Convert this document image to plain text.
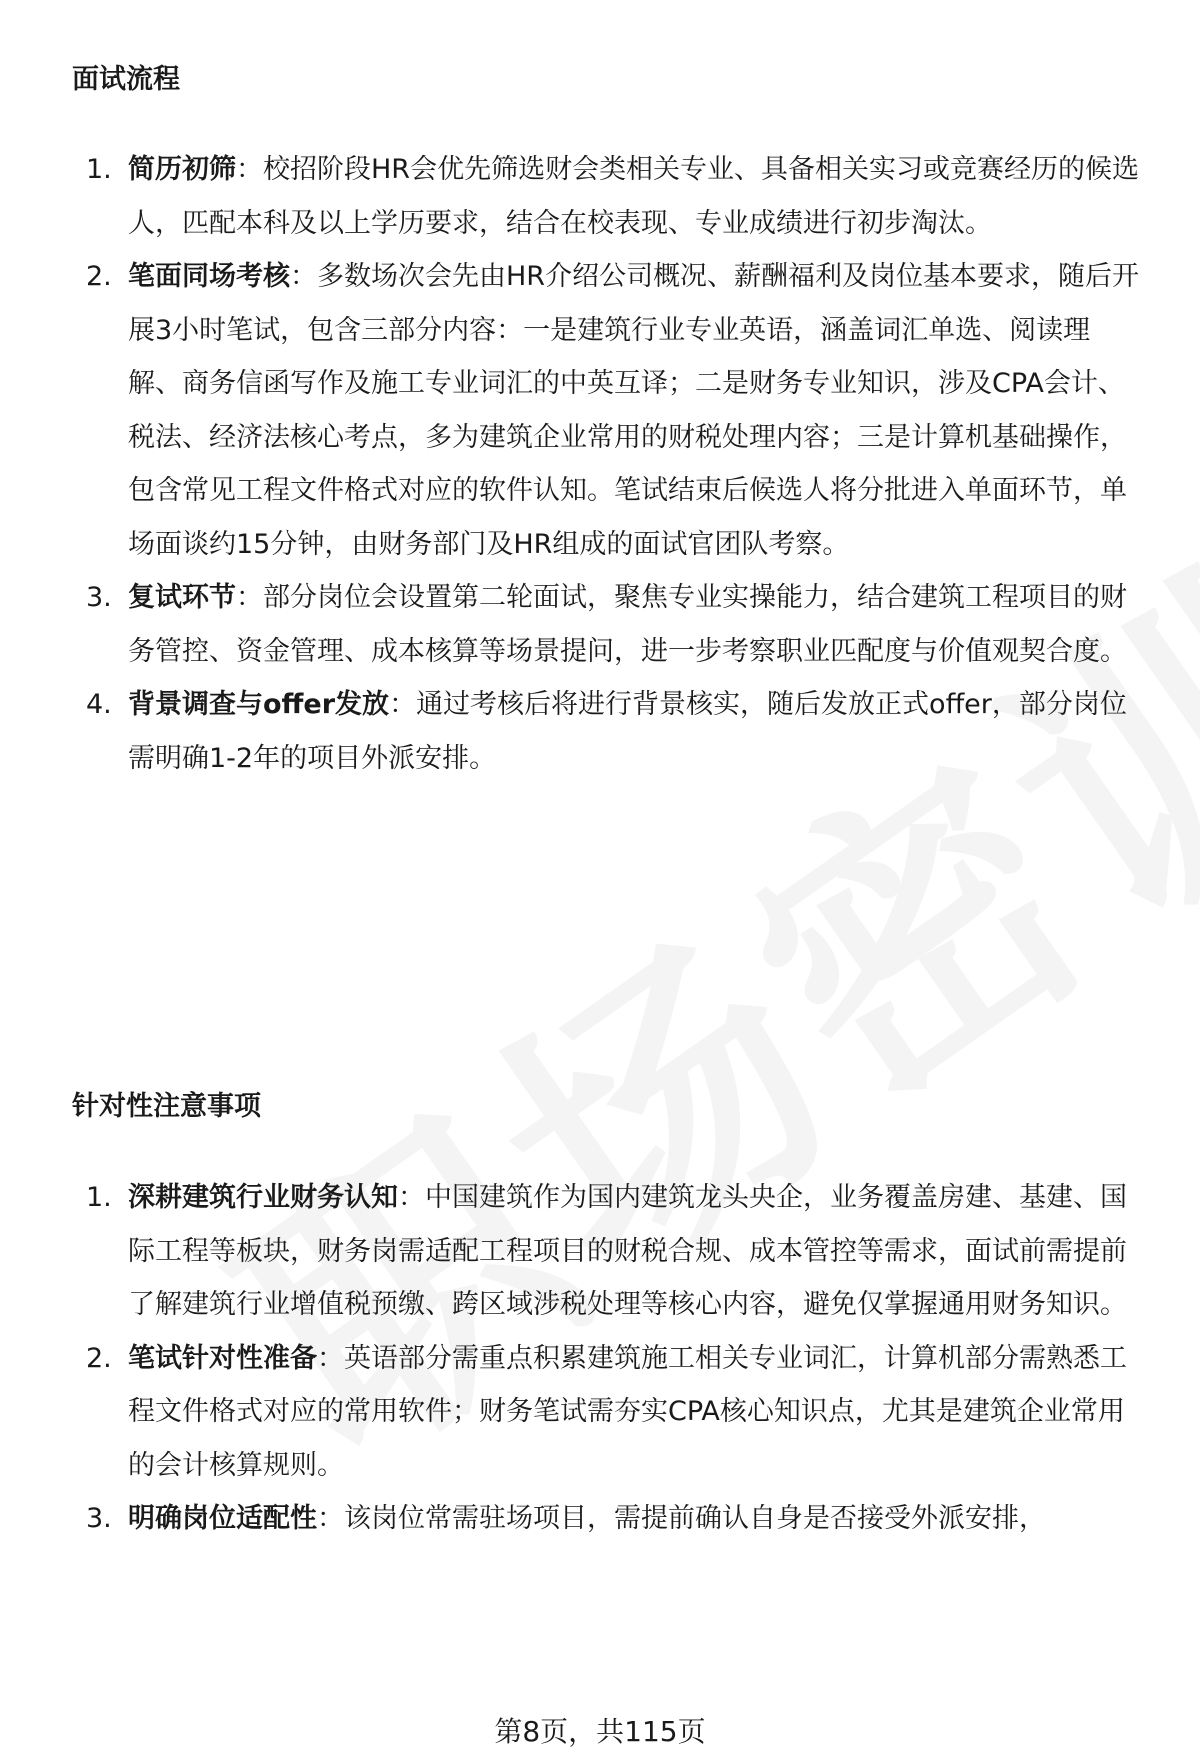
面试流程
1. 简历初筛：校招阶段HR会优先筛选财会类相关专业、具备相关实习或竞赛经历的候选人，匹配本科及以上学历要求，结合在校表现、专业成绩进行初步淘汰。
2. 笔面同场考核：多数场次会先由HR介绍公司概况、薪酬福利及岗位基本要求，随后开展3小时笔试，包含三部分内容：一是建筑行业专业英语，涵盖词汇单选、阅读理解、商务信函写作及施工专业词汇的中英互译；二是财务专业知识，涉及CPA会计、税法、经济法核心考点，多为建筑企业常用的财税处理内容；三是计算机基础操作，包含常见工程文件格式对应的软件认知。笔试结束后候选人将分批进入单面环节，单场面谈约15分钟，由财务部门及HR组成的面试官团队考察。
3. 复试环节：部分岗位会设置第二轮面试，聚焦专业实操能力，结合建筑工程项目的财务管控、资金管理、成本核算等场景提问，进一步考察职业匹配度与价值观契合度。
4. 背景调查与offer发放：通过考核后将进行背景核实，随后发放正式offer，部分岗位需明确1-2年的项目外派安排。
针对性注意事项
1. 深耕建筑行业财务认知：中国建筑作为国内建筑龙头央企，业务覆盖房建、基建、国际工程等板块，财务岗需适配工程项目的财税合规、成本管控等需求，面试前需提前了解建筑行业增值税预缴、跨区域涉税处理等核心内容，避免仅掌握通用财务知识。
2. 笔试针对性准备：英语部分需重点积累建筑施工相关专业词汇，计算机部分需熟悉工程文件格式对应的常用软件；财务笔试需夯实CPA核心知识点，尤其是建筑企业常用的会计核算规则。
3. 明确岗位适配性：该岗位常需驻场项目，需提前确认自身是否接受外派安排，
第8页，共115页
